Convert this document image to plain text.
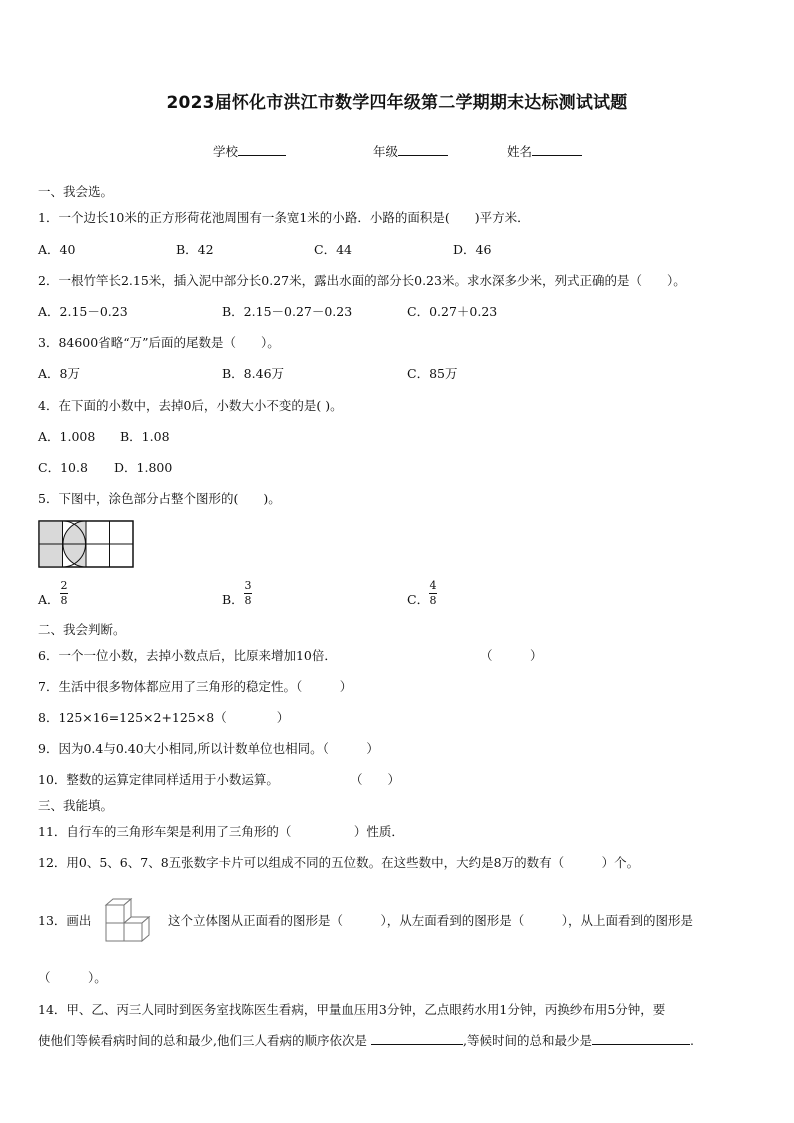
2023届怀化市洪江市数学四年级第二学期期末达标测试试题
学校	年级	姓名
一、我会选。
1．一个边长10米的正方形荷花池周围有一条宽1米的小路．小路的面积是(　　)平方米．
A．40	B．42	C．44	D．46
2．一根竹竿长2.15米，插入泥中部分长0.27米，露出水面的部分长0.23米。求水深多少米，列式正确的是（　　）。
A．2.15－0.23	B．2.15－0.27－0.23	C．0.27＋0.23
3．84600省略“万”后面的尾数是（　　）。
A．8万	B．8.46万	C．85万
4．在下面的小数中，去掉0后，小数大小不变的是( )。
A．1.008 B．1.08
C．10.8 D．1.800
5．下图中，涂色部分占整个图形的(　　)。
A．
2
8	B．
3
8	C．
4
8
二、我会判断。
6．一个一位小数，去掉小数点后，比原来增加10倍．	（　　　）
7．生活中很多物体都应用了三角形的稳定性。（　　　）
8．125×16=125×2+125×8（　　　　）
9．因为0.4与0.40大小相同,所以计数单位也相同。（　　　）
10．整数的运算定律同样适用于小数运算。	（　　）
三、我能填。
11．自行车的三角形车架是利用了三角形的（　　　　　）性质．
12．用0、5、6、7、8五张数字卡片可以组成不同的五位数。在这些数中，大约是8万的数有（　　　）个。
13．画出	这个立体图从正面看的图形是（　　　），从左面看到的图形是（　　　），从上面看到的图形是
（　　　）。
14．甲、乙、丙三人同时到医务室找陈医生看病，甲量血压用3分钟，乙点眼药水用1分钟，丙换纱布用5分钟，要
使他们等候看病时间的总和最少,他们三人看病的顺序依次是	,等候时间的总和最少是	.
